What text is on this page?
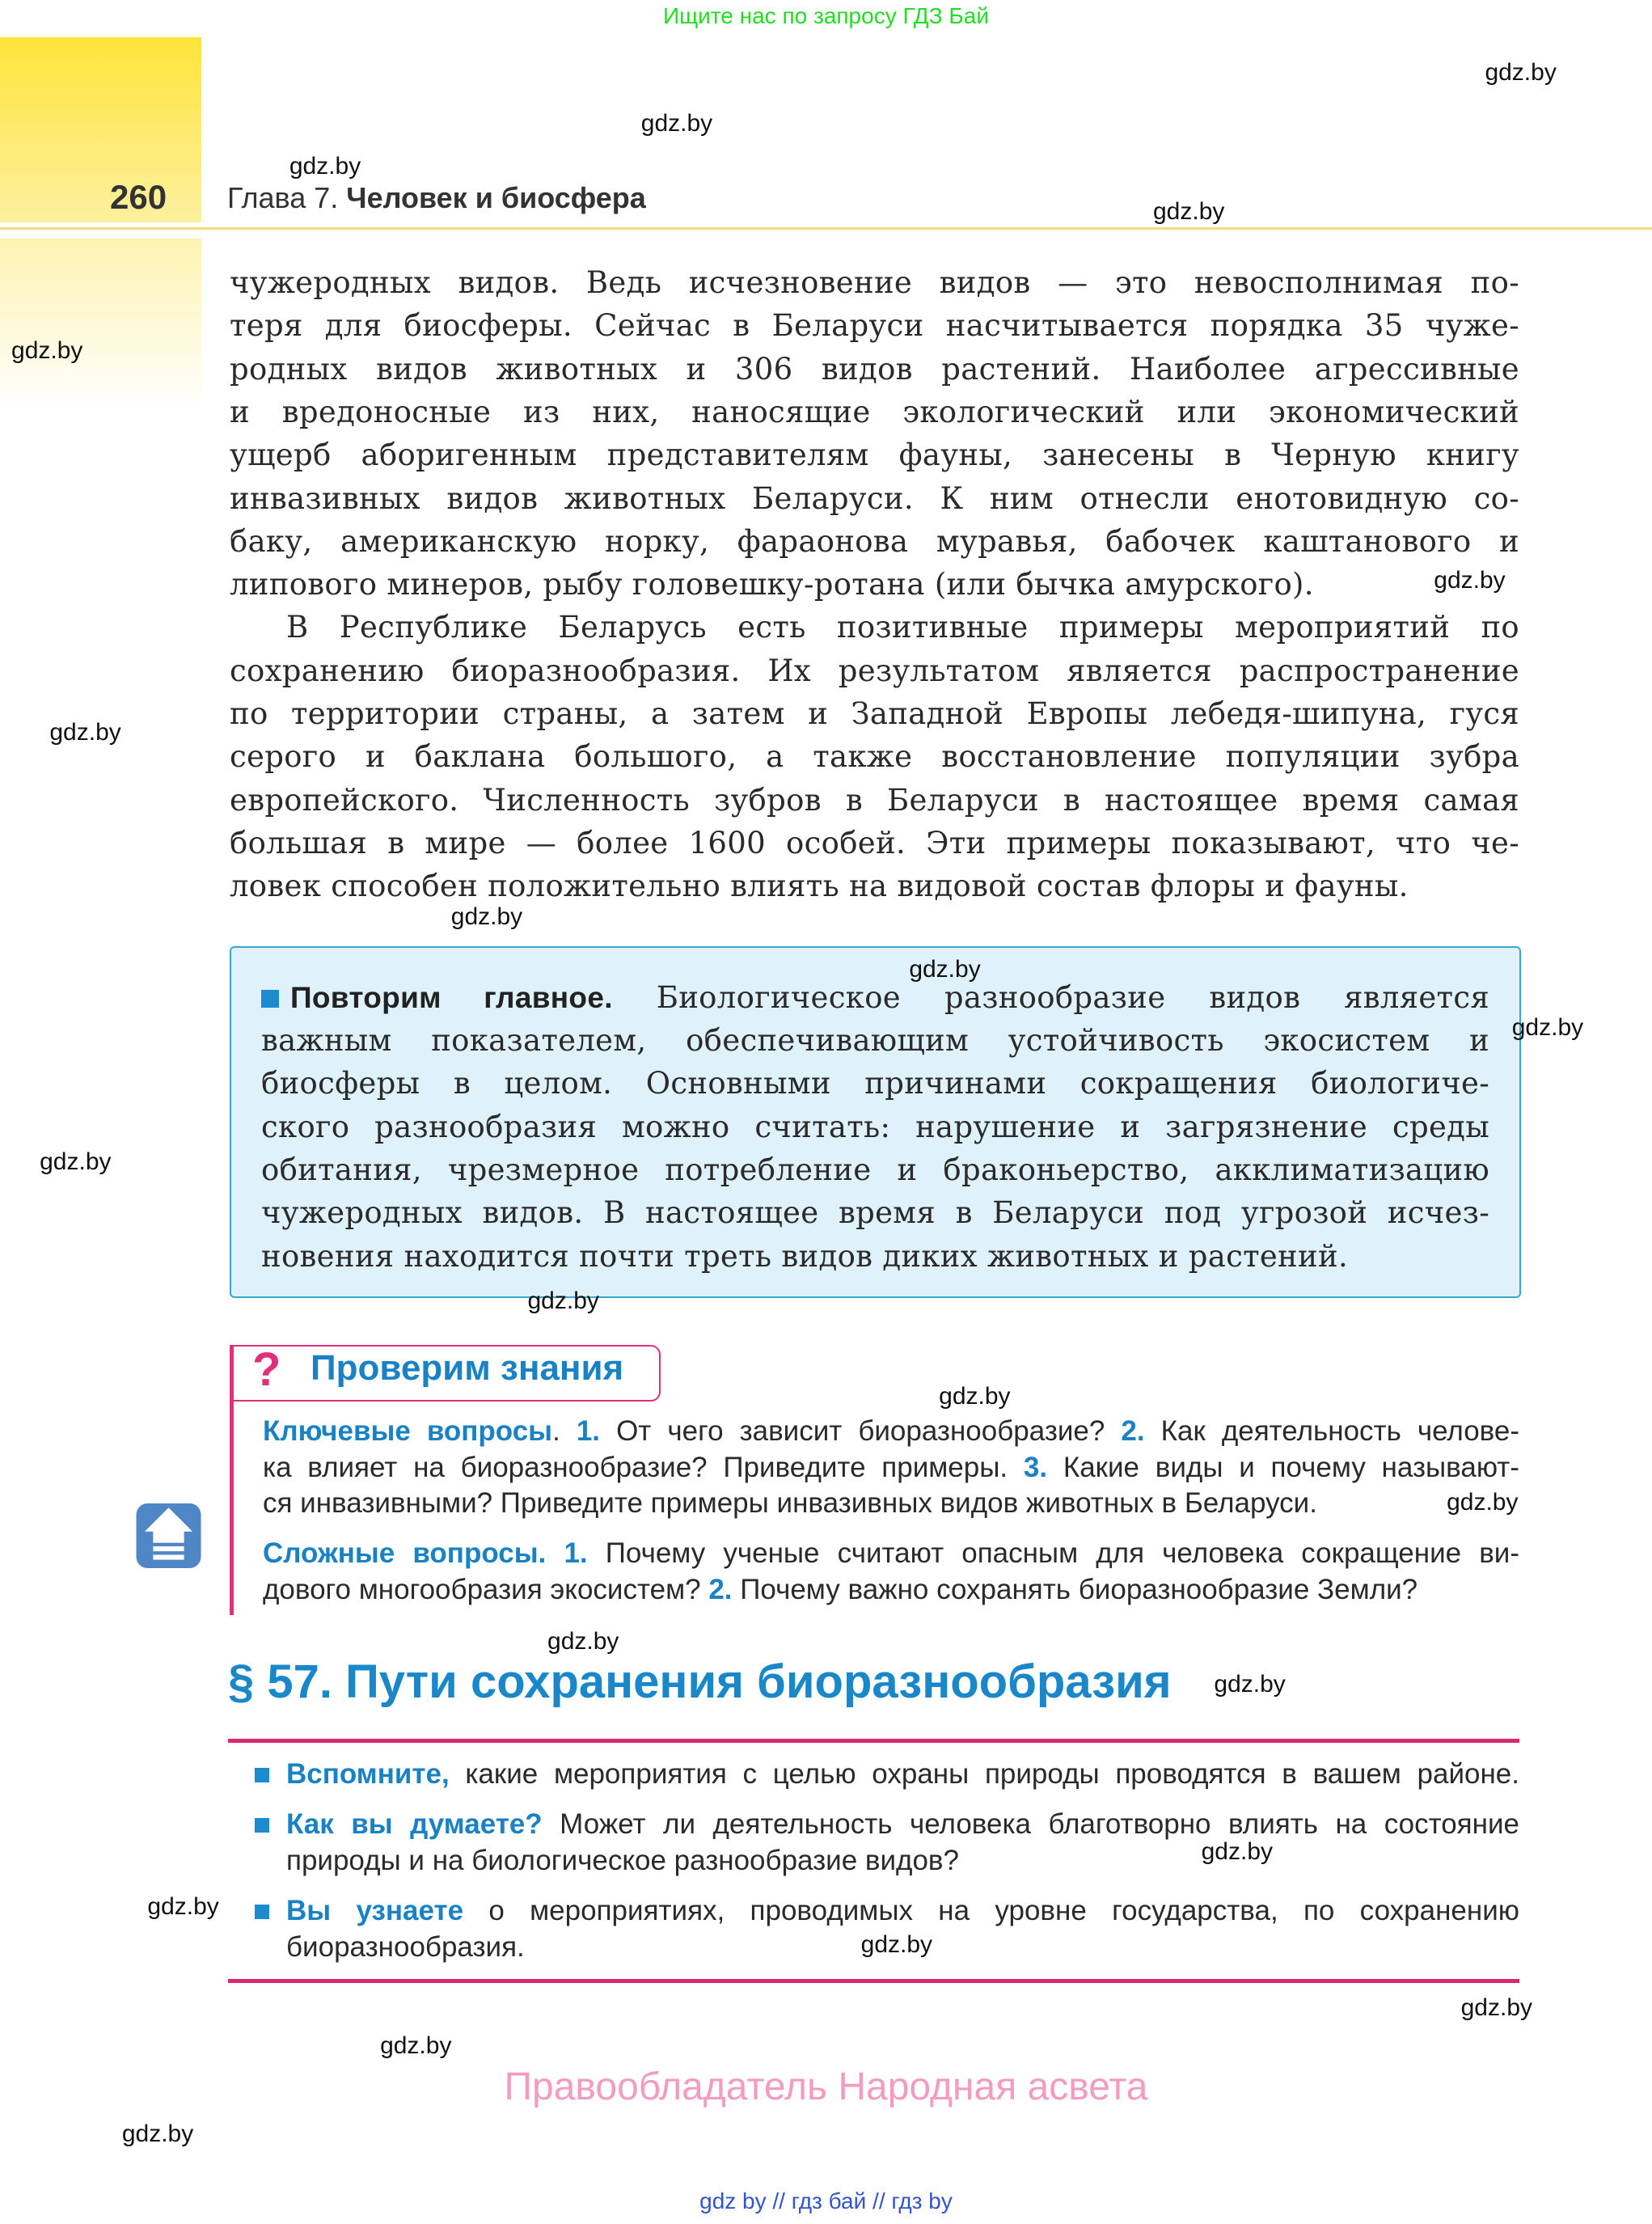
Ищите нас по запросу ГДЗ Бай
260 Глава 7. Человек и биосфера
чужеродных видов. Ведь исчезновение видов — это невосполнимая по-
теря для биосферы. Сейчас в Беларуси насчитывается порядка 35 чуже-
родных видов животных и 306 видов растений. Наиболее агрессивные
и вредоносные из них, наносящие экологический или экономический
ущерб аборигенным представителям фауны, занесены в Черную книгу
инвазивных видов животных Беларуси. К ним отнесли енотовидную со-
баку, американскую норку, фараонова муравья, бабочек каштанового и
липового минеров, рыбу головешку-ротана (или бычка амурского).
В Республике Беларусь есть позитивные примеры мероприятий по
сохранению биоразнообразия. Их результатом является распространение
по территории страны, а затем и Западной Европы лебедя-шипуна, гуся
серого и баклана большого, а также восстановление популяции зубра
европейского. Численность зубров в Беларуси в настоящее время самая
большая в мире — более 1600 особей. Эти примеры показывают, что че-
ловек способен положительно влиять на видовой состав флоры и фауны.
Повторим главное. Биологическое разнообразие видов является
важным показателем, обеспечивающим устойчивость экосистем и
биосферы в целом. Основными причинами сокращения биологиче-
ского разнообразия можно считать: нарушение и загрязнение среды
обитания, чрезмерное потребление и браконьерство, акклиматизацию
чужеродных видов. В настоящее время в Беларуси под угрозой исчез-
новения находится почти треть видов диких животных и растений.
? Проверим знания
Ключевые вопросы. 1. От чего зависит биоразнообразие? 2. Как деятельность челове-
ка влияет на биоразнообразие? Приведите примеры. 3. Какие виды и почему называют-
ся инвазивными? Приведите примеры инвазивных видов животных в Беларуси.
Сложные вопросы. 1. Почему ученые считают опасным для человека сокращение ви-
дового многообразия экосистем? 2. Почему важно сохранять биоразнообразие Земли?
§ 57. Пути сохранения биоразнообразия
Вспомните, какие мероприятия с целью охраны природы проводятся в вашем районе.
Как вы думаете? Может ли деятельность человека благотворно влиять на состояние
природы и на биологическое разнообразие видов?
Вы узнаете о мероприятиях, проводимых на уровне государства, по сохранению
биоразнообразия.
Правообладатель Народная асвета
gdz by // гдз бай // гдз by
gdz.by
gdz.by
gdz.by
gdz.by
gdz.by
gdz.by
gdz.by
gdz.by
gdz.by
gdz.by
gdz.by
gdz.by
gdz.by
gdz.by
gdz.by
gdz.by
gdz.by
gdz.by
gdz.by
gdz.by
gdz.by
gdz.by
